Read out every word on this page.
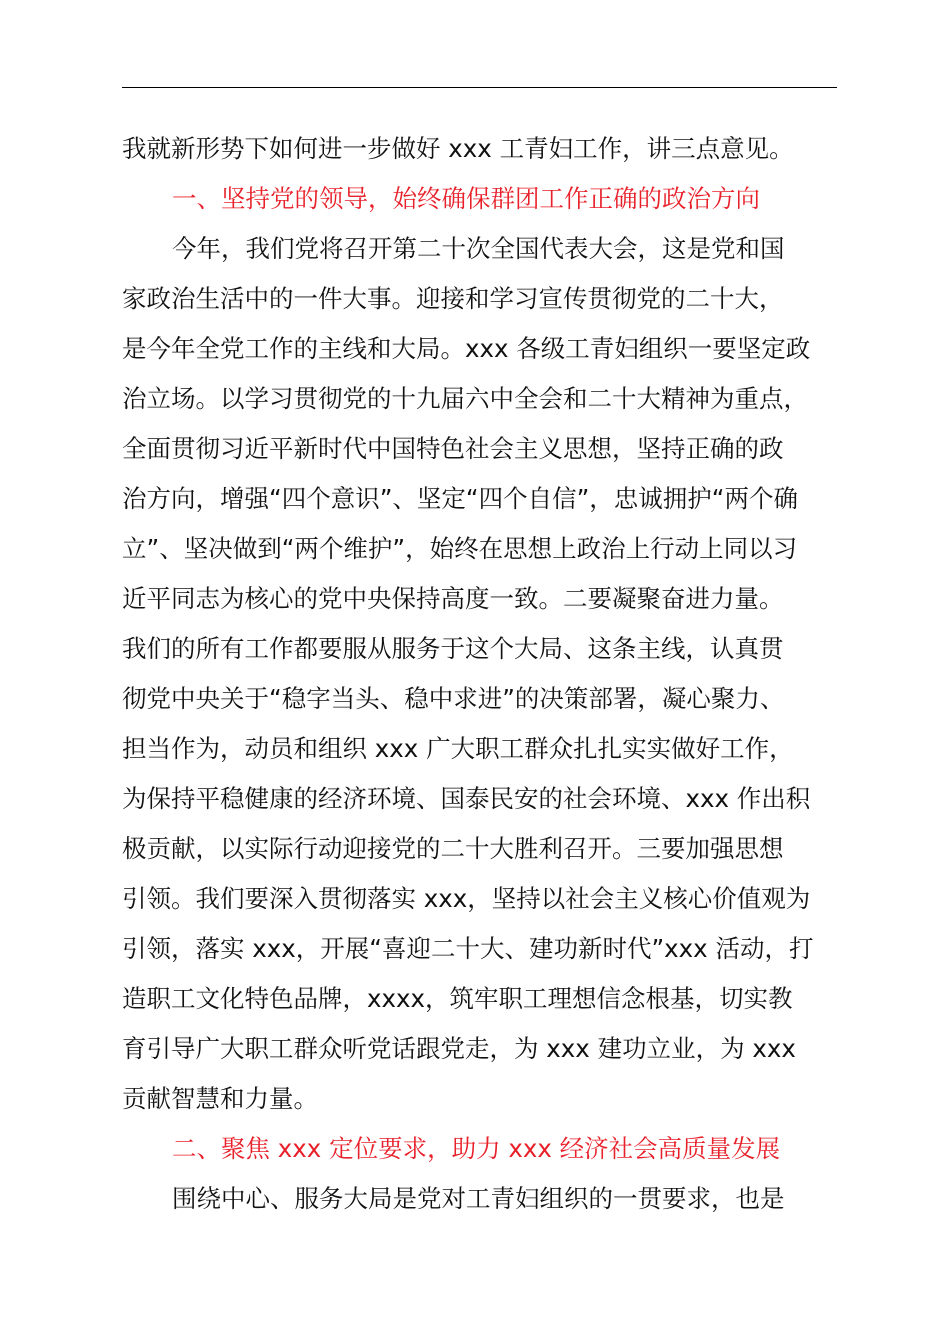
我就新形势下如何进一步做好 xxx 工青妇工作，讲三点意见。
一、坚持党的领导，始终确保群团工作正确的政治方向
今年，我们党将召开第二十次全国代表大会，这是党和国
家政治生活中的一件大事。迎接和学习宣传贯彻党的二十大，
是今年全党工作的主线和大局。xxx 各级工青妇组织一要坚定政
治立场。以学习贯彻党的十九届六中全会和二十大精神为重点，
全面贯彻习近平新时代中国特色社会主义思想，坚持正确的政
治方向，增强“四个意识”、坚定“四个自信”，忠诚拥护“两个确
立”、坚决做到“两个维护”，始终在思想上政治上行动上同以习
近平同志为核心的党中央保持高度一致。二要凝聚奋进力量。
我们的所有工作都要服从服务于这个大局、这条主线，认真贯
彻党中央关于“稳字当头、稳中求进”的决策部署，凝心聚力、
担当作为，动员和组织 xxx 广大职工群众扎扎实实做好工作，
为保持平稳健康的经济环境、国泰民安的社会环境、xxx 作出积
极贡献，以实际行动迎接党的二十大胜利召开。三要加强思想
引领。我们要深入贯彻落实 xxx，坚持以社会主义核心价值观为
引领，落实 xxx，开展“喜迎二十大、建功新时代”xxx 活动，打
造职工文化特色品牌，xxxx，筑牢职工理想信念根基，切实教
育引导广大职工群众听党话跟党走，为 xxx 建功立业，为 xxx
贡献智慧和力量。
二、聚焦 xxx 定位要求，助力 xxx 经济社会高质量发展
围绕中心、服务大局是党对工青妇组织的一贯要求，也是
